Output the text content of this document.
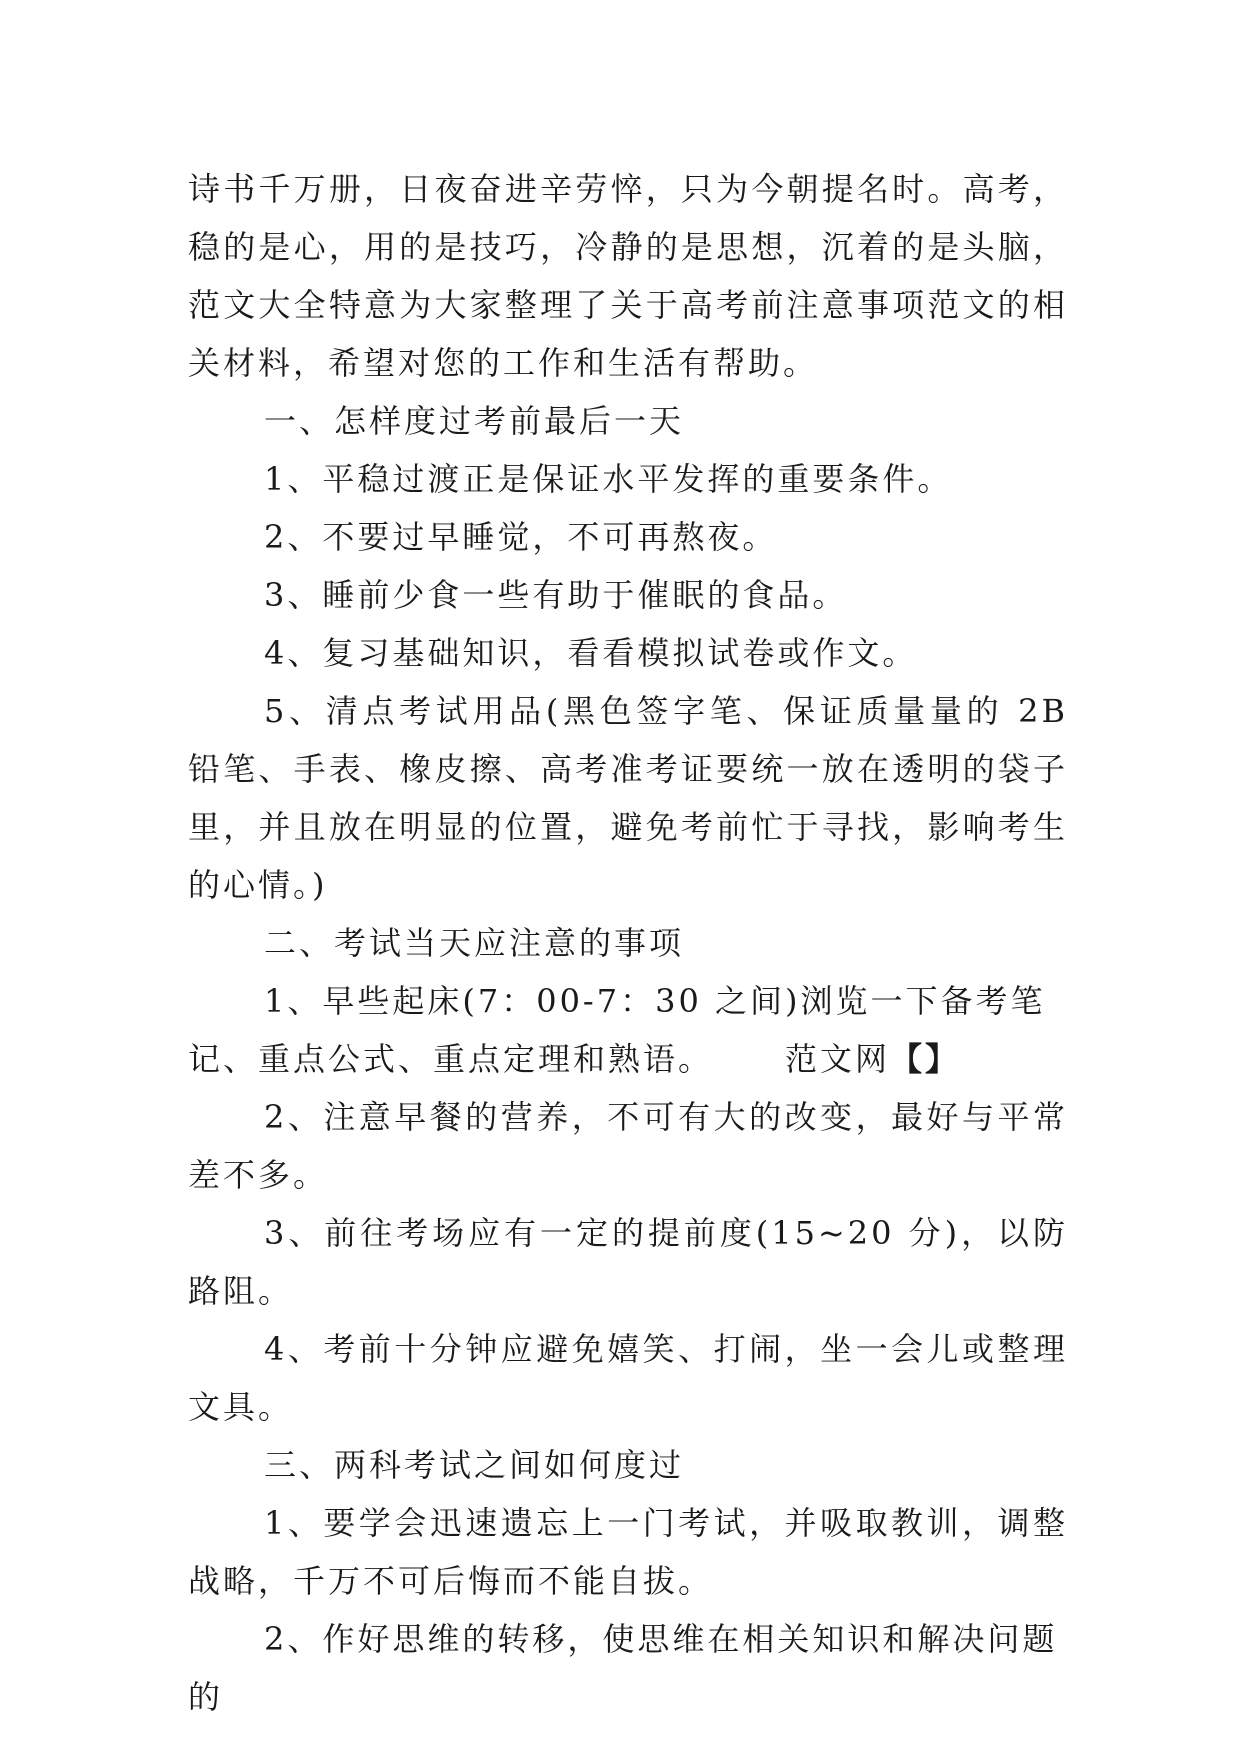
诗书千万册，日夜奋进辛劳悴，只为今朝提名时。高考，稳的是心，用的是技巧，冷静的是思想，沉着的是头脑，范文大全特意为大家整理了关于高考前注意事项范文的相关材料，希望对您的工作和生活有帮助。

一、怎样度过考前最后一天

1、平稳过渡正是保证水平发挥的重要条件。

2、不要过早睡觉，不可再熬夜。

3、睡前少食一些有助于催眠的食品。

4、复习基础知识，看看模拟试卷或作文。

5、清点考试用品(黑色签字笔、保证质量量的 2B 铅笔、手表、橡皮擦、高考准考证要统一放在透明的袋子里，并且放在明显的位置，避免考前忙于寻找，影响考生的心情。)

二、考试当天应注意的事项

1、早些起床(7：00-7：30 之间)浏览一下备考笔记、重点公式、重点定理和熟语。 范文网【】

2、注意早餐的营养，不可有大的改变，最好与平常差不多。

3、前往考场应有一定的提前度(15~20 分)，以防路阻。

4、考前十分钟应避免嬉笑、打闹，坐一会儿或整理文具。

三、两科考试之间如何度过

1、要学会迅速遗忘上一门考试，并吸取教训，调整战略，千万不可后悔而不能自拔。

2、作好思维的转移，使思维在相关知识和解决问题的
